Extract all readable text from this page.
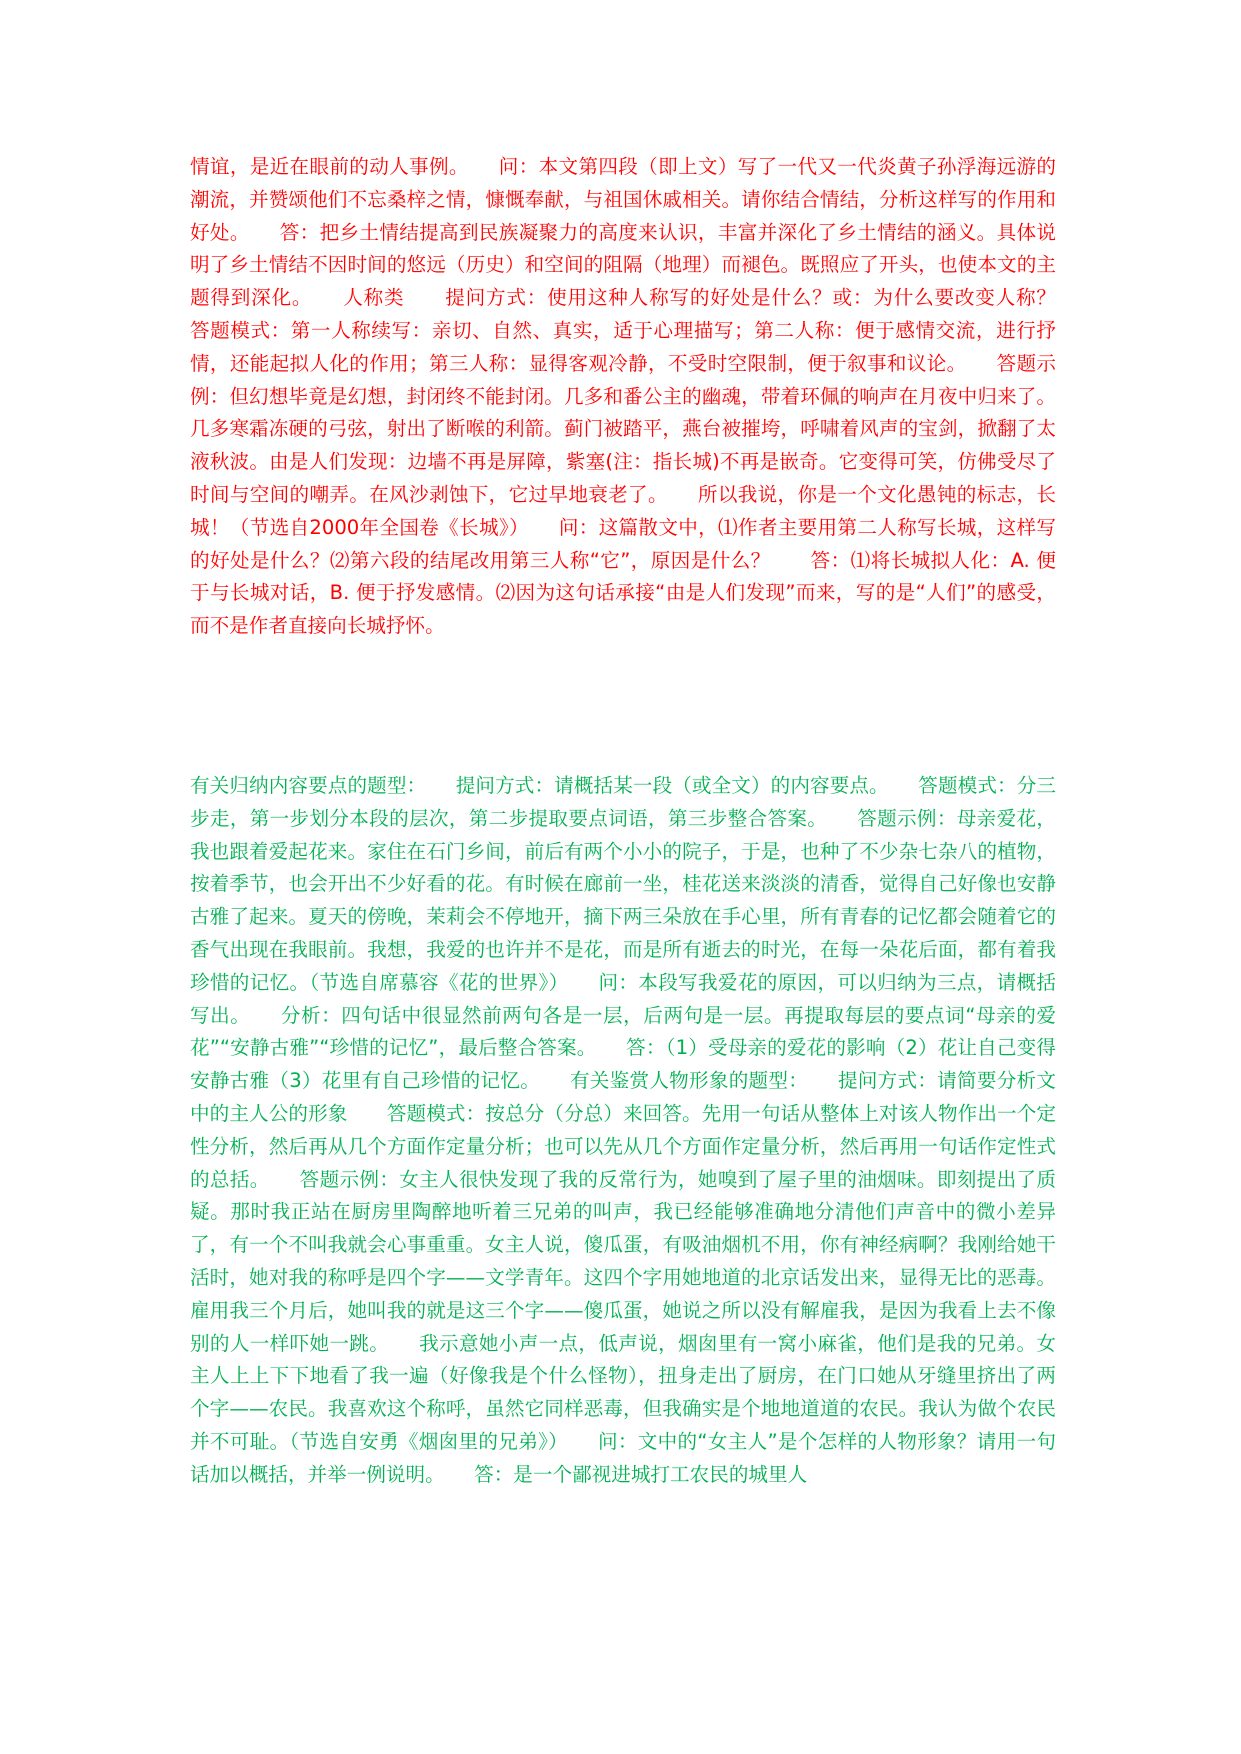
情谊，是近在眼前的动人事例。　　问：本文第四段（即上文）写了一代又一代炎黄子孙浮海远游的潮流，并赞颂他们不忘桑梓之情，慷慨奉献，与祖国休戚相关。请你结合情结，分析这样写的作用和好处。　　答：把乡土情结提高到民族凝聚力的高度来认识，丰富并深化了乡土情结的涵义。具体说明了乡土情结不因时间的悠远（历史）和空间的阻隔（地理）而褪色。既照应了开头，也使本文的主题得到深化。　　人称类　　提问方式：使用这种人称写的好处是什么？或：为什么要改变人称？　　答题模式：第一人称续写：亲切、自然、真实，适于心理描写；第二人称：便于感情交流，进行抒情，还能起拟人化的作用；第三人称：显得客观冷静，不受时空限制，便于叙事和议论。　　答题示例：但幻想毕竟是幻想，封闭终不能封闭。几多和番公主的幽魂，带着环佩的响声在月夜中归来了。几多寒霜冻硬的弓弦，射出了断喉的利箭。蓟门被踏平，燕台被摧垮，呼啸着风声的宝剑，掀翻了太液秋波。由是人们发现：边墙不再是屏障，紫塞(注：指长城)不再是嵌奇。它变得可笑，仿佛受尽了时间与空间的嘲弄。在风沙剥蚀下，它过早地衰老了。　　所以我说，你是一个文化愚钝的标志，长城！（节选自2000年全国卷《长城》）　　问：这篇散文中，⑴作者主要用第二人称写长城，这样写的好处是什么？⑵第六段的结尾改用第三人称“它”，原因是什么？　　答：⑴将长城拟人化：A. 便于与长城对话，B. 便于抒发感情。⑵因为这句话承接“由是人们发现”而来，写的是“人们”的感受，而不是作者直接向长城抒怀。
有关归纳内容要点的题型：　　提问方式：请概括某一段（或全文）的内容要点。　　答题模式：分三步走，第一步划分本段的层次，第二步提取要点词语，第三步整合答案。　　答题示例：母亲爱花，我也跟着爱起花来。家住在石门乡间，前后有两个小小的院子，于是，也种了不少杂七杂八的植物，按着季节，也会开出不少好看的花。有时候在廊前一坐，桂花送来淡淡的清香，觉得自己好像也安静古雅了起来。夏天的傍晚，茉莉会不停地开，摘下两三朵放在手心里，所有青春的记忆都会随着它的香气出现在我眼前。我想，我爱的也许并不是花，而是所有逝去的时光，在每一朵花后面，都有着我珍惜的记忆。（节选自席慕容《花的世界》）　　问：本段写我爱花的原因，可以归纳为三点，请概括写出。　　分析：四句话中很显然前两句各是一层，后两句是一层。再提取每层的要点词“母亲的爱花”“安静古雅”“珍惜的记忆”，最后整合答案。　　答：（1）受母亲的爱花的影响（2）花让自己变得安静古雅（3）花里有自己珍惜的记忆。　　有关鉴赏人物形象的题型：　　提问方式：请简要分析文中的主人公的形象　　答题模式：按总分（分总）来回答。先用一句话从整体上对该人物作出一个定性分析，然后再从几个方面作定量分析；也可以先从几个方面作定量分析，然后再用一句话作定性式的总括。　　答题示例：女主人很快发现了我的反常行为，她嗅到了屋子里的油烟味。即刻提出了质疑。那时我正站在厨房里陶醉地听着三兄弟的叫声，我已经能够准确地分清他们声音中的微小差异了，有一个不叫我就会心事重重。女主人说，傻瓜蛋，有吸油烟机不用，你有神经病啊？我刚给她干活时，她对我的称呼是四个字——文学青年。这四个字用她地道的北京话发出来，显得无比的恶毒。雇用我三个月后，她叫我的就是这三个字——傻瓜蛋，她说之所以没有解雇我，是因为我看上去不像别的人一样吓她一跳。　　我示意她小声一点，低声说，烟囱里有一窝小麻雀，他们是我的兄弟。女主人上上下下地看了我一遍（好像我是个什么怪物），扭身走出了厨房，在门口她从牙缝里挤出了两个字——农民。我喜欢这个称呼，虽然它同样恶毒，但我确实是个地地道道的农民。我认为做个农民并不可耻。（节选自安勇《烟囱里的兄弟》）　　问：文中的“女主人”是个怎样的人物形象？请用一句话加以概括，并举一例说明。　　答：是一个鄙视进城打工农民的城里人
